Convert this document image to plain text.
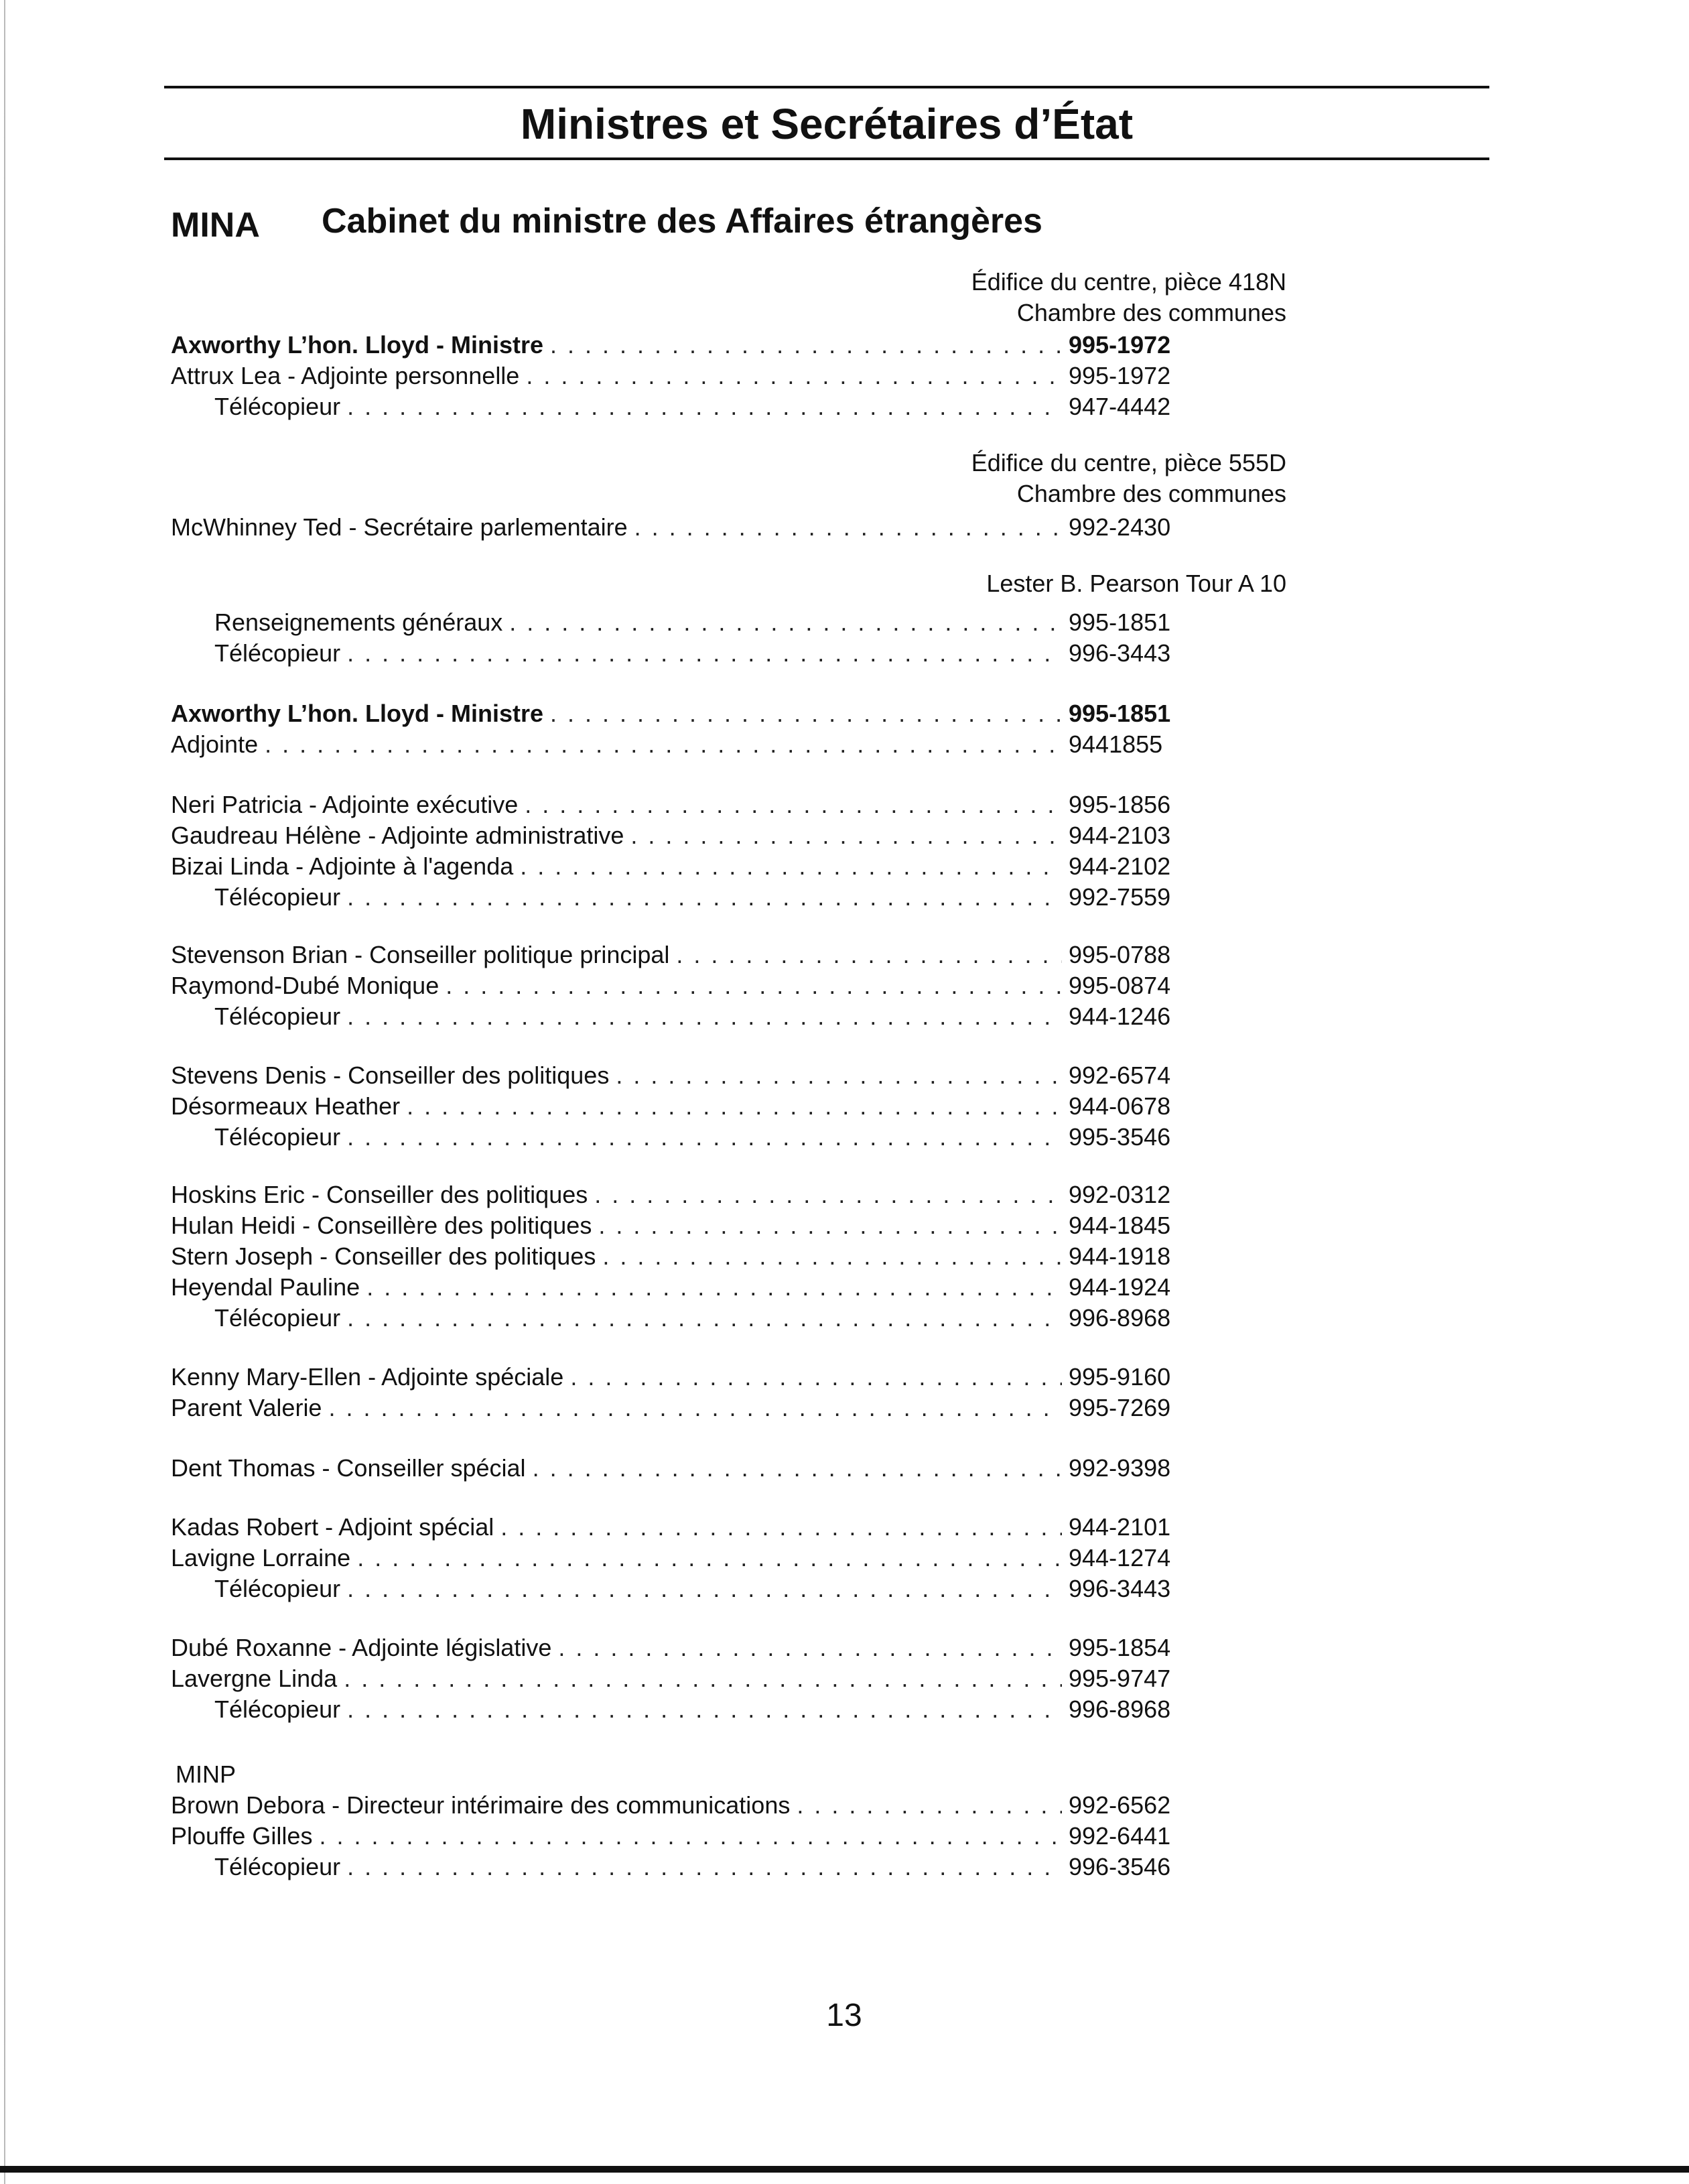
Ministres et Secrétaires d’État
MINA Cabinet du ministre des Affaires étrangères
Édifice du centre, pièce 418N
Chambre des communes
Édifice du centre, pièce 555D
Chambre des communes
Lester B. Pearson Tour A 10
Axworthy L’hon. Lloyd - Ministre . . .	995-1972
Attrux Lea - Adjointe personnelle . . .	995-1972
Télécopieur . . .	947-4442
McWhinney Ted - Secrétaire parlementaire . . .	992-2430
Renseignements généraux . . .	995-1851
Télécopieur . . .	996-3443
Axworthy L’hon. Lloyd - Ministre . . .	995-1851
Adjointe . . .	9441855
Neri Patricia - Adjointe exécutive . . .	995-1856
Gaudreau Hélène - Adjointe administrative . . .	944-2103
Bizai Linda - Adjointe à l'agenda . . .	944-2102
Télécopieur . . .	992-7559
Stevenson Brian - Conseiller politique principal . . .	995-0788
Raymond-Dubé Monique . . .	995-0874
Télécopieur . . .	944-1246
Stevens Denis - Conseiller des politiques . . .	992-6574
Désormeaux Heather . . .	944-0678
Télécopieur . . .	995-3546
Hoskins Eric - Conseiller des politiques . . .	992-0312
Hulan Heidi - Conseillère des politiques . . .	944-1845
Stern Joseph - Conseiller des politiques . . .	944-1918
Heyendal Pauline . . .	944-1924
Télécopieur . . .	996-8968
Kenny Mary-Ellen - Adjointe spéciale . . .	995-9160
Parent Valerie . . .	995-7269
Dent Thomas - Conseiller spécial . . .	992-9398
Kadas Robert - Adjoint spécial . . .	944-2101
Lavigne Lorraine . . .	944-1274
Télécopieur . . .	996-3443
Dubé Roxanne - Adjointe législative . . .	995-1854
Lavergne Linda . . .	995-9747
Télécopieur . . .	996-8968
MINP
Brown Debora - Directeur intérimaire des communications . . .	992-6562
Plouffe Gilles . . .	992-6441
Télécopieur . . .	996-3546
13
